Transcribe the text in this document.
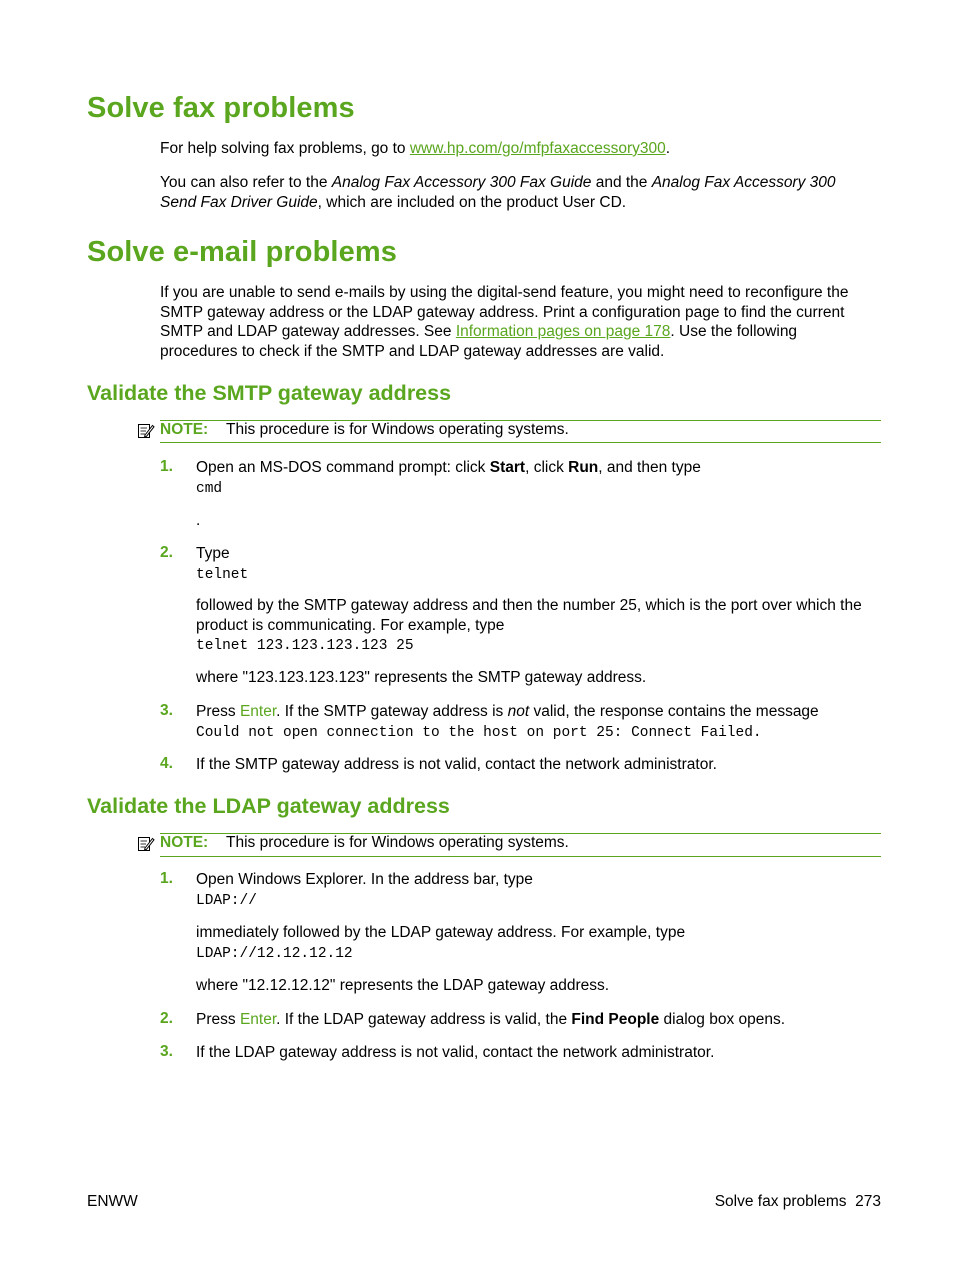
Solve fax problems
For help solving fax problems, go to www.hp.com/go/mfpfaxaccessory300.
You can also refer to the Analog Fax Accessory 300 Fax Guide and the Analog Fax Accessory 300
Send Fax Driver Guide, which are included on the product User CD.
Solve e-mail problems
If you are unable to send e-mails by using the digital-send feature, you might need to reconfigure the
SMTP gateway address or the LDAP gateway address. Print a configuration page to find the current
SMTP and LDAP gateway addresses. See Information pages on page 178. Use the following
procedures to check if the SMTP and LDAP gateway addresses are valid.
Validate the SMTP gateway address
NOTE: This procedure is for Windows operating systems.
1. Open an MS-DOS command prompt: click Start, click Run, and then type
cmd
.
2. Type
telnet
followed by the SMTP gateway address and then the number 25, which is the port over which the
product is communicating. For example, type
telnet 123.123.123.123 25
where "123.123.123.123" represents the SMTP gateway address.
3. Press Enter. If the SMTP gateway address is not valid, the response contains the message
Could not open connection to the host on port 25: Connect Failed.
4. If the SMTP gateway address is not valid, contact the network administrator.
Validate the LDAP gateway address
NOTE: This procedure is for Windows operating systems.
1. Open Windows Explorer. In the address bar, type
LDAP://
immediately followed by the LDAP gateway address. For example, type
LDAP://12.12.12.12
where "12.12.12.12" represents the LDAP gateway address.
2. Press Enter. If the LDAP gateway address is valid, the Find People dialog box opens.
3. If the LDAP gateway address is not valid, contact the network administrator.
ENWW	Solve fax problems 273
